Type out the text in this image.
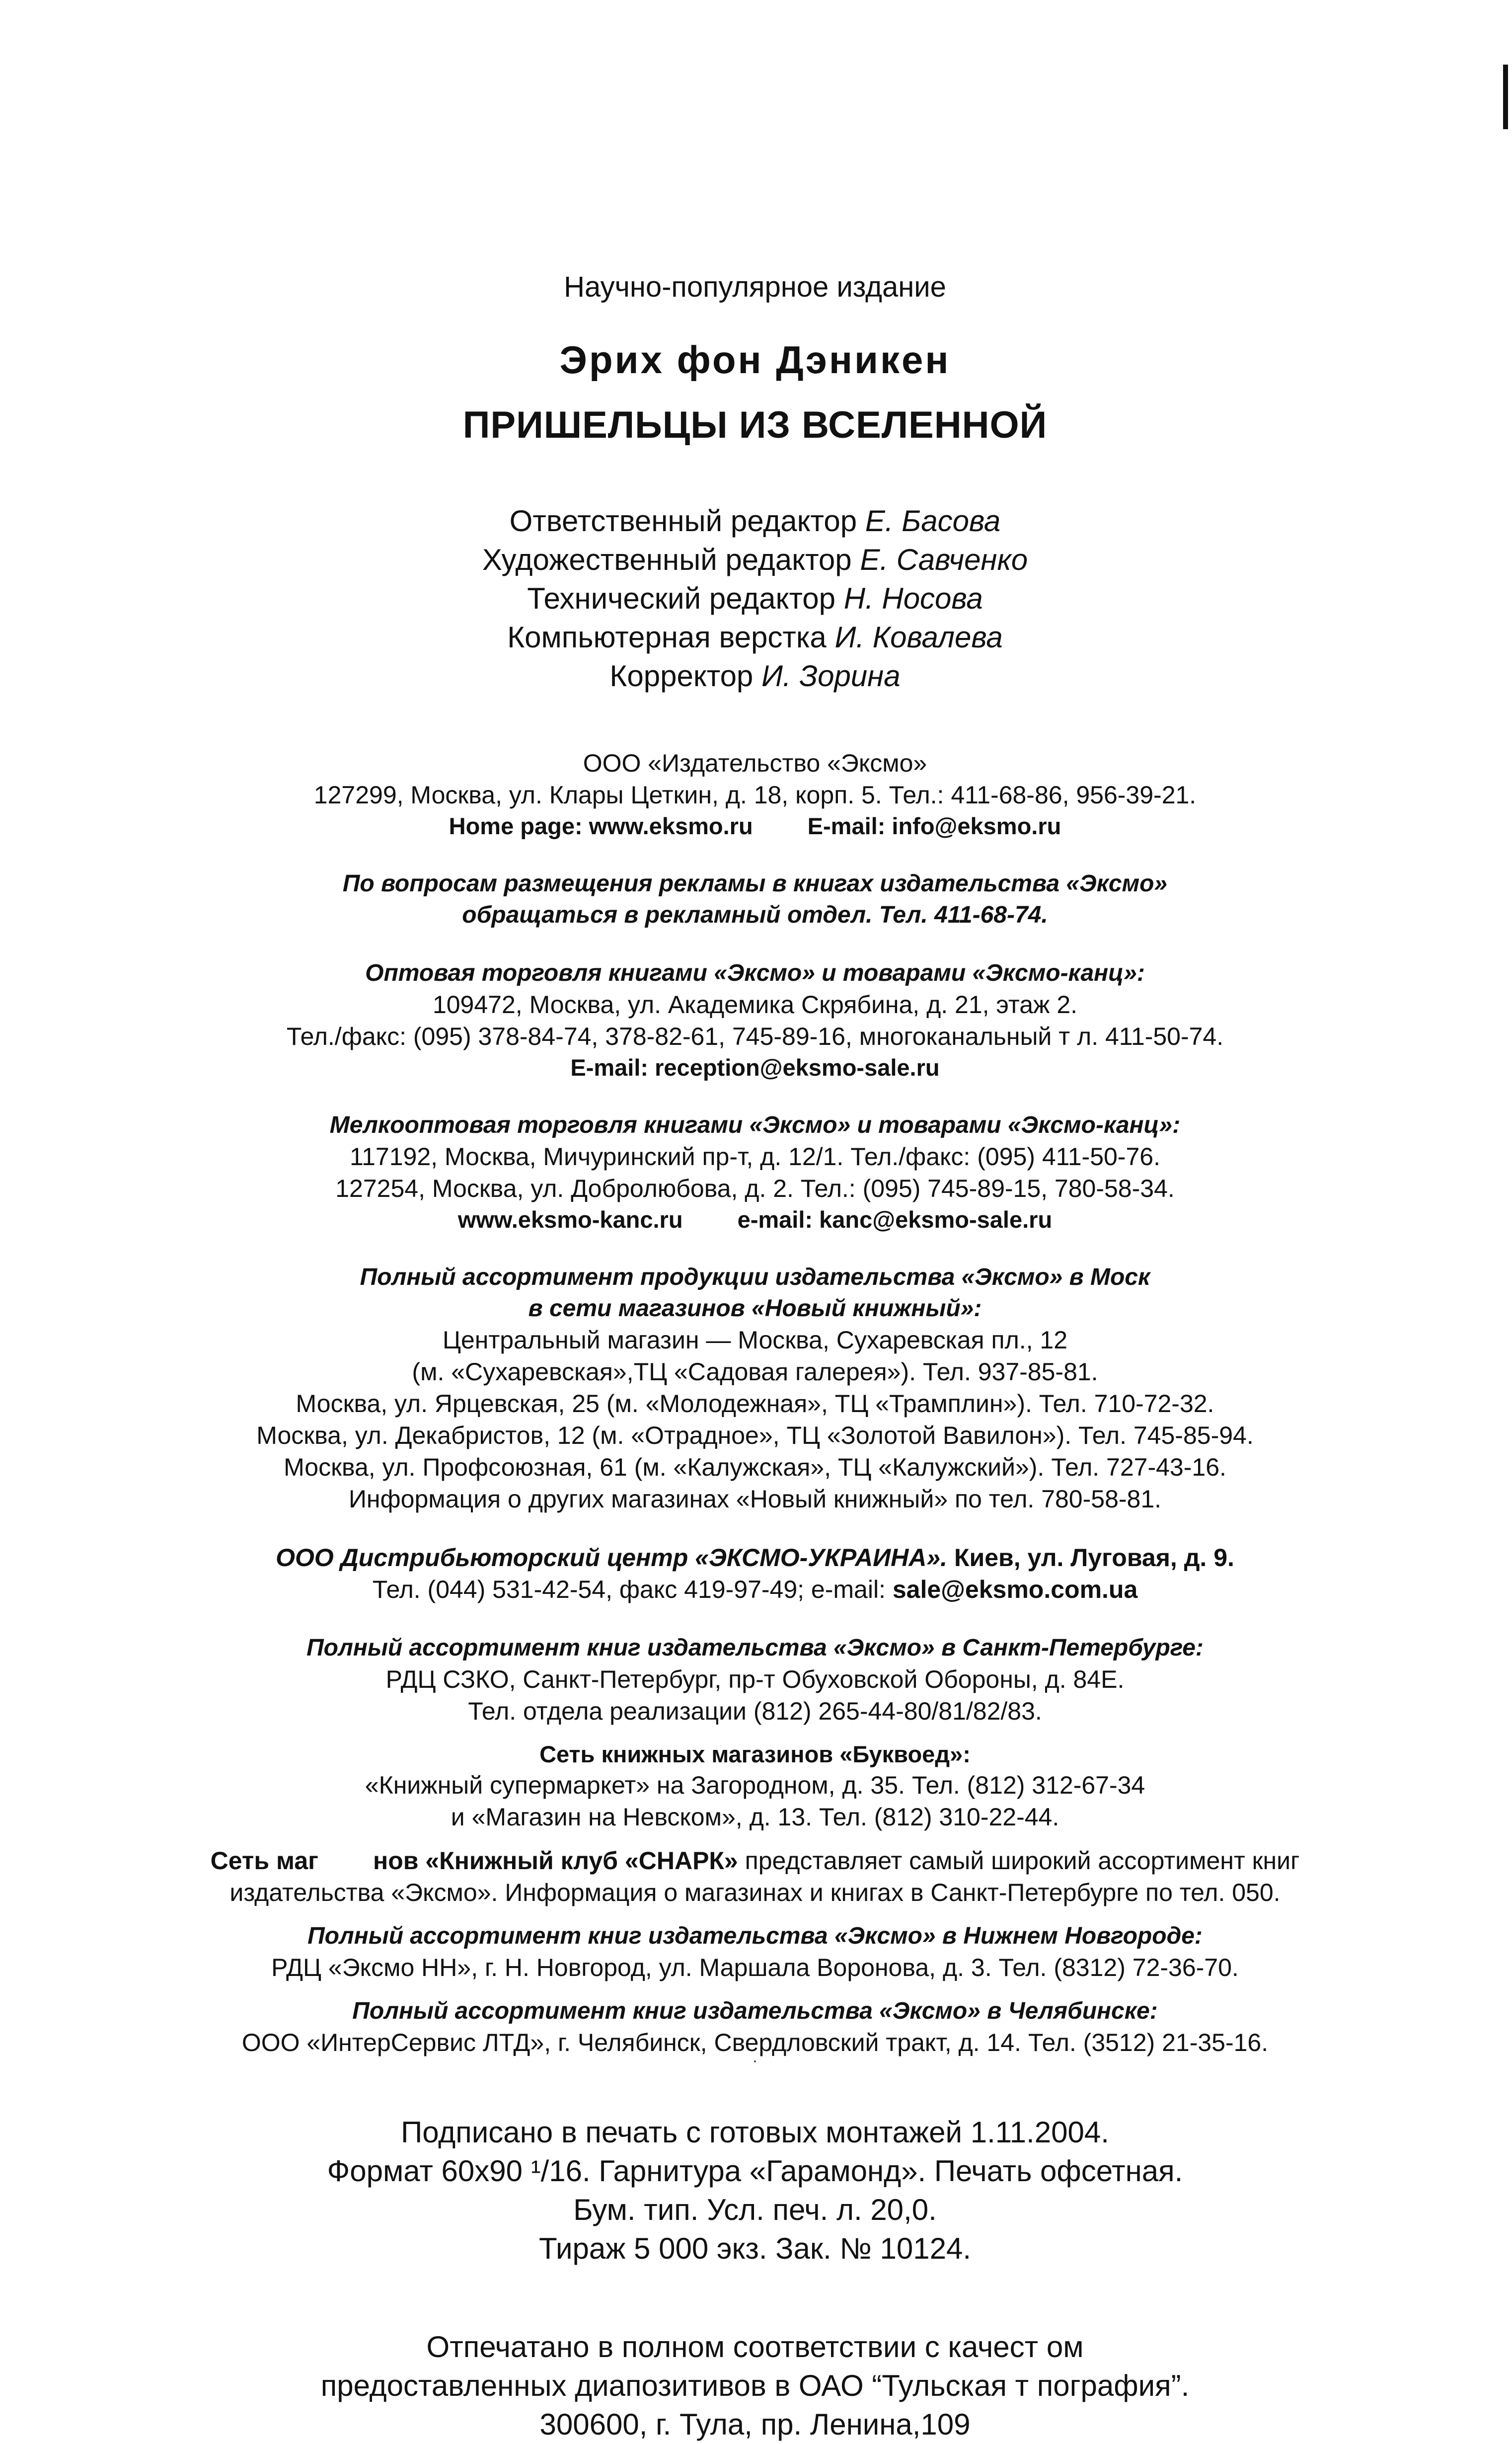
Научно-популярное издание
Эрих фон Дэникен
ПРИШЕЛЬЦЫ ИЗ ВСЕЛЕННОЙ
Ответственный редактор Е. Басова
Художественный редактор Е. Савченко
Технический редактор Н. Носова
Компьютерная верстка И. Ковалева
Корректор И. Зорина
ООО «Издательство «Эксмо»
127299, Москва, ул. Клары Цеткин, д. 18, корп. 5. Тел.: 411-68-86, 956-39-21.
Home page: www.eksmo.ru E-mail: info@eksmo.ru
По вопросам размещения рекламы в книгах издательства «Эксмо»
обращаться в рекламный отдел. Тел. 411-68-74.
Оптовая торговля книгами «Эксмо» и товарами «Эксмо-канц»:
109472, Москва, ул. Академика Скрябина, д. 21, этаж 2.
Тел./факс: (095) 378-84-74, 378-82-61, 745-89-16, многоканальный т л. 411-50-74.
E-mail: reception@eksmo-sale.ru
Мелкооптовая торговля книгами «Эксмо» и товарами «Эксмо-канц»:
117192, Москва, Мичуринский пр-т, д. 12/1. Тел./факс: (095) 411-50-76.
127254, Москва, ул. Добролюбова, д. 2. Тел.: (095) 745-89-15, 780-58-34.
www.eksmo-kanc.ru e-mail: kanc@eksmo-sale.ru
Полный ассортимент продукции издательства «Эксмо» в Моск
в сети магазинов «Новый книжный»:
Центральный магазин — Москва, Сухаревская пл., 12
(м. «Сухаревская»,ТЦ «Садовая галерея»). Тел. 937-85-81.
Москва, ул. Ярцевская, 25 (м. «Молодежная», ТЦ «Трамплин»). Тел. 710-72-32.
Москва, ул. Декабристов, 12 (м. «Отрадное», ТЦ «Золотой Вавилон»). Тел. 745-85-94.
Москва, ул. Профсоюзная, 61 (м. «Калужская», ТЦ «Калужский»). Тел. 727-43-16.
Информация о других магазинах «Новый книжный» по тел. 780-58-81.
ООО Дистрибьюторский центр «ЭКСМО-УКРАИНА». Киев, ул. Луговая, д. 9.
Тел. (044) 531-42-54, факс 419-97-49; e-mail: sale@eksmo.com.ua
Полный ассортимент книг издательства «Эксмо» в Санкт-Петербурге:
РДЦ СЗКО, Санкт-Петербург, пр-т Обуховской Обороны, д. 84Е.
Тел. отдела реализации (812) 265-44-80/81/82/83.
Сеть книжных магазинов «Буквоед»:
«Книжный супермаркет» на Загородном, д. 35. Тел. (812) 312-67-34
и «Магазин на Невском», д. 13. Тел. (812) 310-22-44.
Сеть маг нов «Книжный клуб «СНАРК» представляет самый широкий ассортимент книг
издательства «Эксмо». Информация о магазинах и книгах в Санкт-Петербурге по тел. 050.
Полный ассортимент книг издательства «Эксмо» в Нижнем Новгороде:
РДЦ «Эксмо НН», г. Н. Новгород, ул. Маршала Воронова, д. 3. Тел. (8312) 72-36-70.
Полный ассортимент книг издательства «Эксмо» в Челябинске:
ООО «ИнтерСервис ЛТД», г. Челябинск, Свердловский тракт, д. 14. Тел. (3512) 21-35-16.
·
Подписано в печать с готовых монтажей 1.11.2004.
Формат 60х90 ¹/16. Гарнитура «Гарамонд». Печать офсетная.
Бум. тип. Усл. печ. л. 20,0.
Тираж 5 000 экз. Зак. № 10124.
Отпечатано в полном соответствии с качест ом
предоставленных диапозитивов в ОАО “Тульская т пография”.
300600, г. Тула, пр. Ленина,109
